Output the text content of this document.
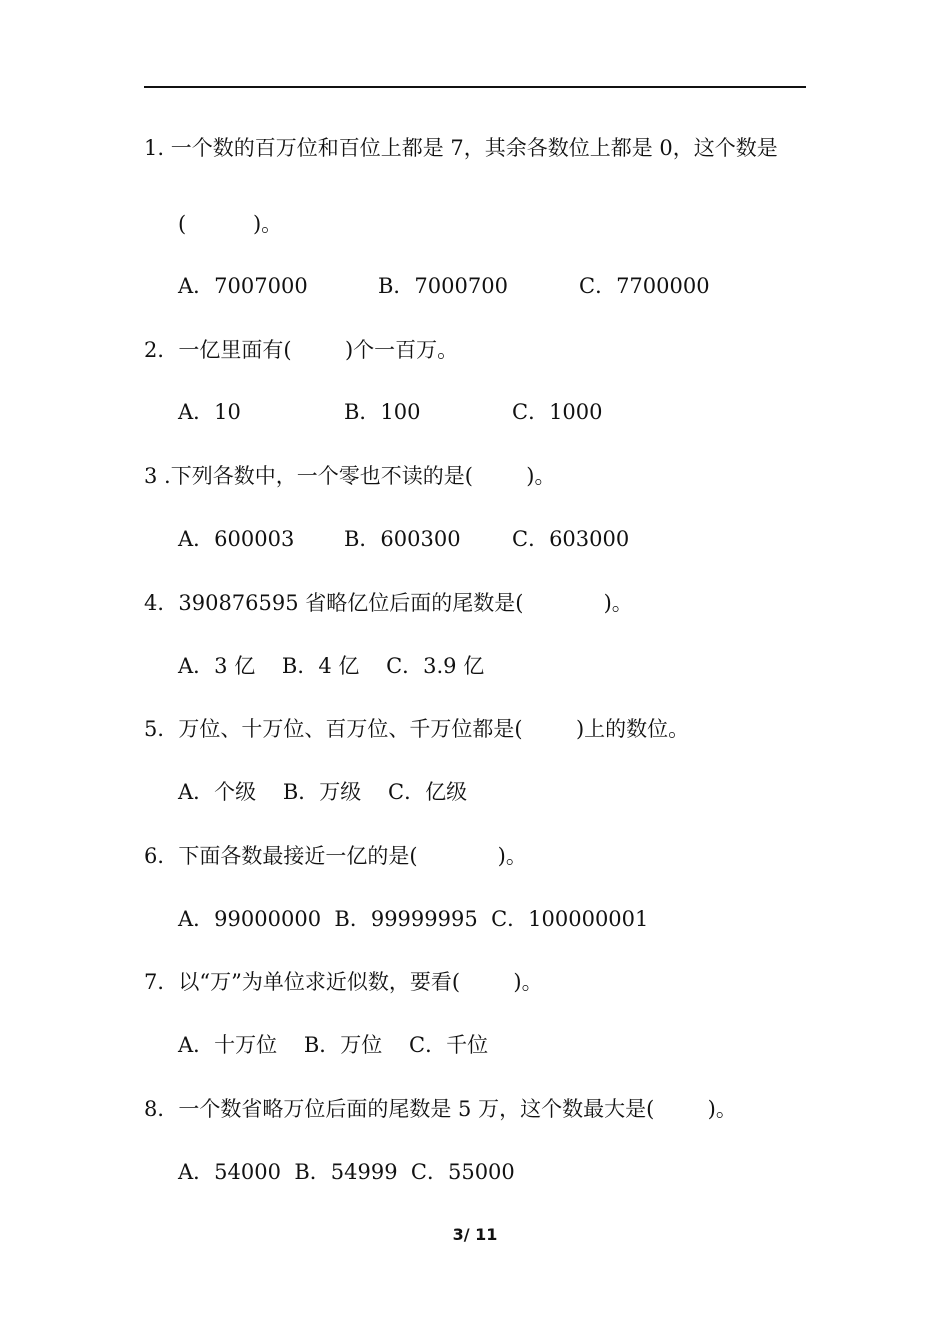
1. 一个数的百万位和百位上都是 7，其余各数位上都是 0，这个数是
(          )。
A．7007000	B．7000700	C．7700000
2．一亿里面有(        )个一百万。
A．10	B．100	C．1000
3 .下列各数中，一个零也不读的是(        )。
A．600003 B．600300 C．603000
4．390876595 省略亿位后面的尾数是(            )。
A．3 亿    B．4 亿    C．3.9 亿
5．万位、十万位、百万位、千万位都是(        )上的数位。
A．个级    B．万级    C．亿级
6．下面各数最接近一亿的是(            )。
A．99000000  B．99999995  C．100000001
7．以“万”为单位求近似数，要看(        )。
A．十万位    B．万位    C．千位
8．一个数省略万位后面的尾数是 5 万，这个数最大是(        )。
A．54000  B．54999  C．55000
3/ 11
